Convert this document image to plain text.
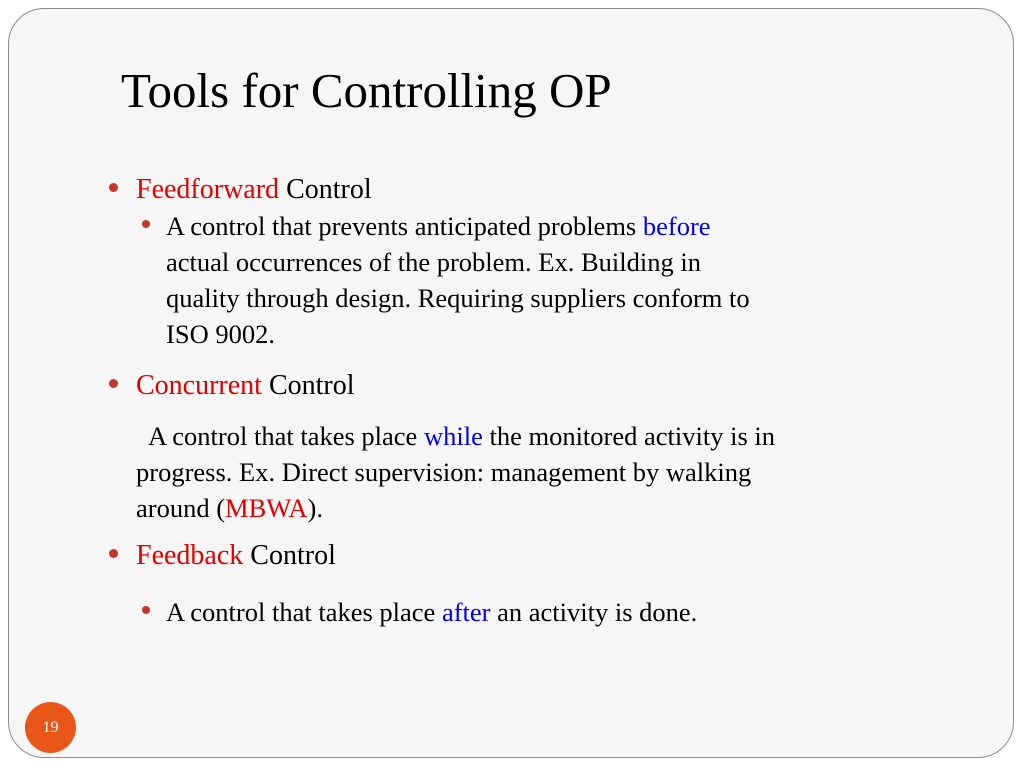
Tools for Controlling OP
Feedforward Control
A control that prevents anticipated problems before
actual occurrences of the problem. Ex. Building in
quality through design. Requiring suppliers conform to
ISO 9002.
Concurrent Control
A control that takes place while the monitored activity is in
progress. Ex. Direct supervision: management by walking
around (MBWA).
Feedback Control
A control that takes place after an activity is done.
19
